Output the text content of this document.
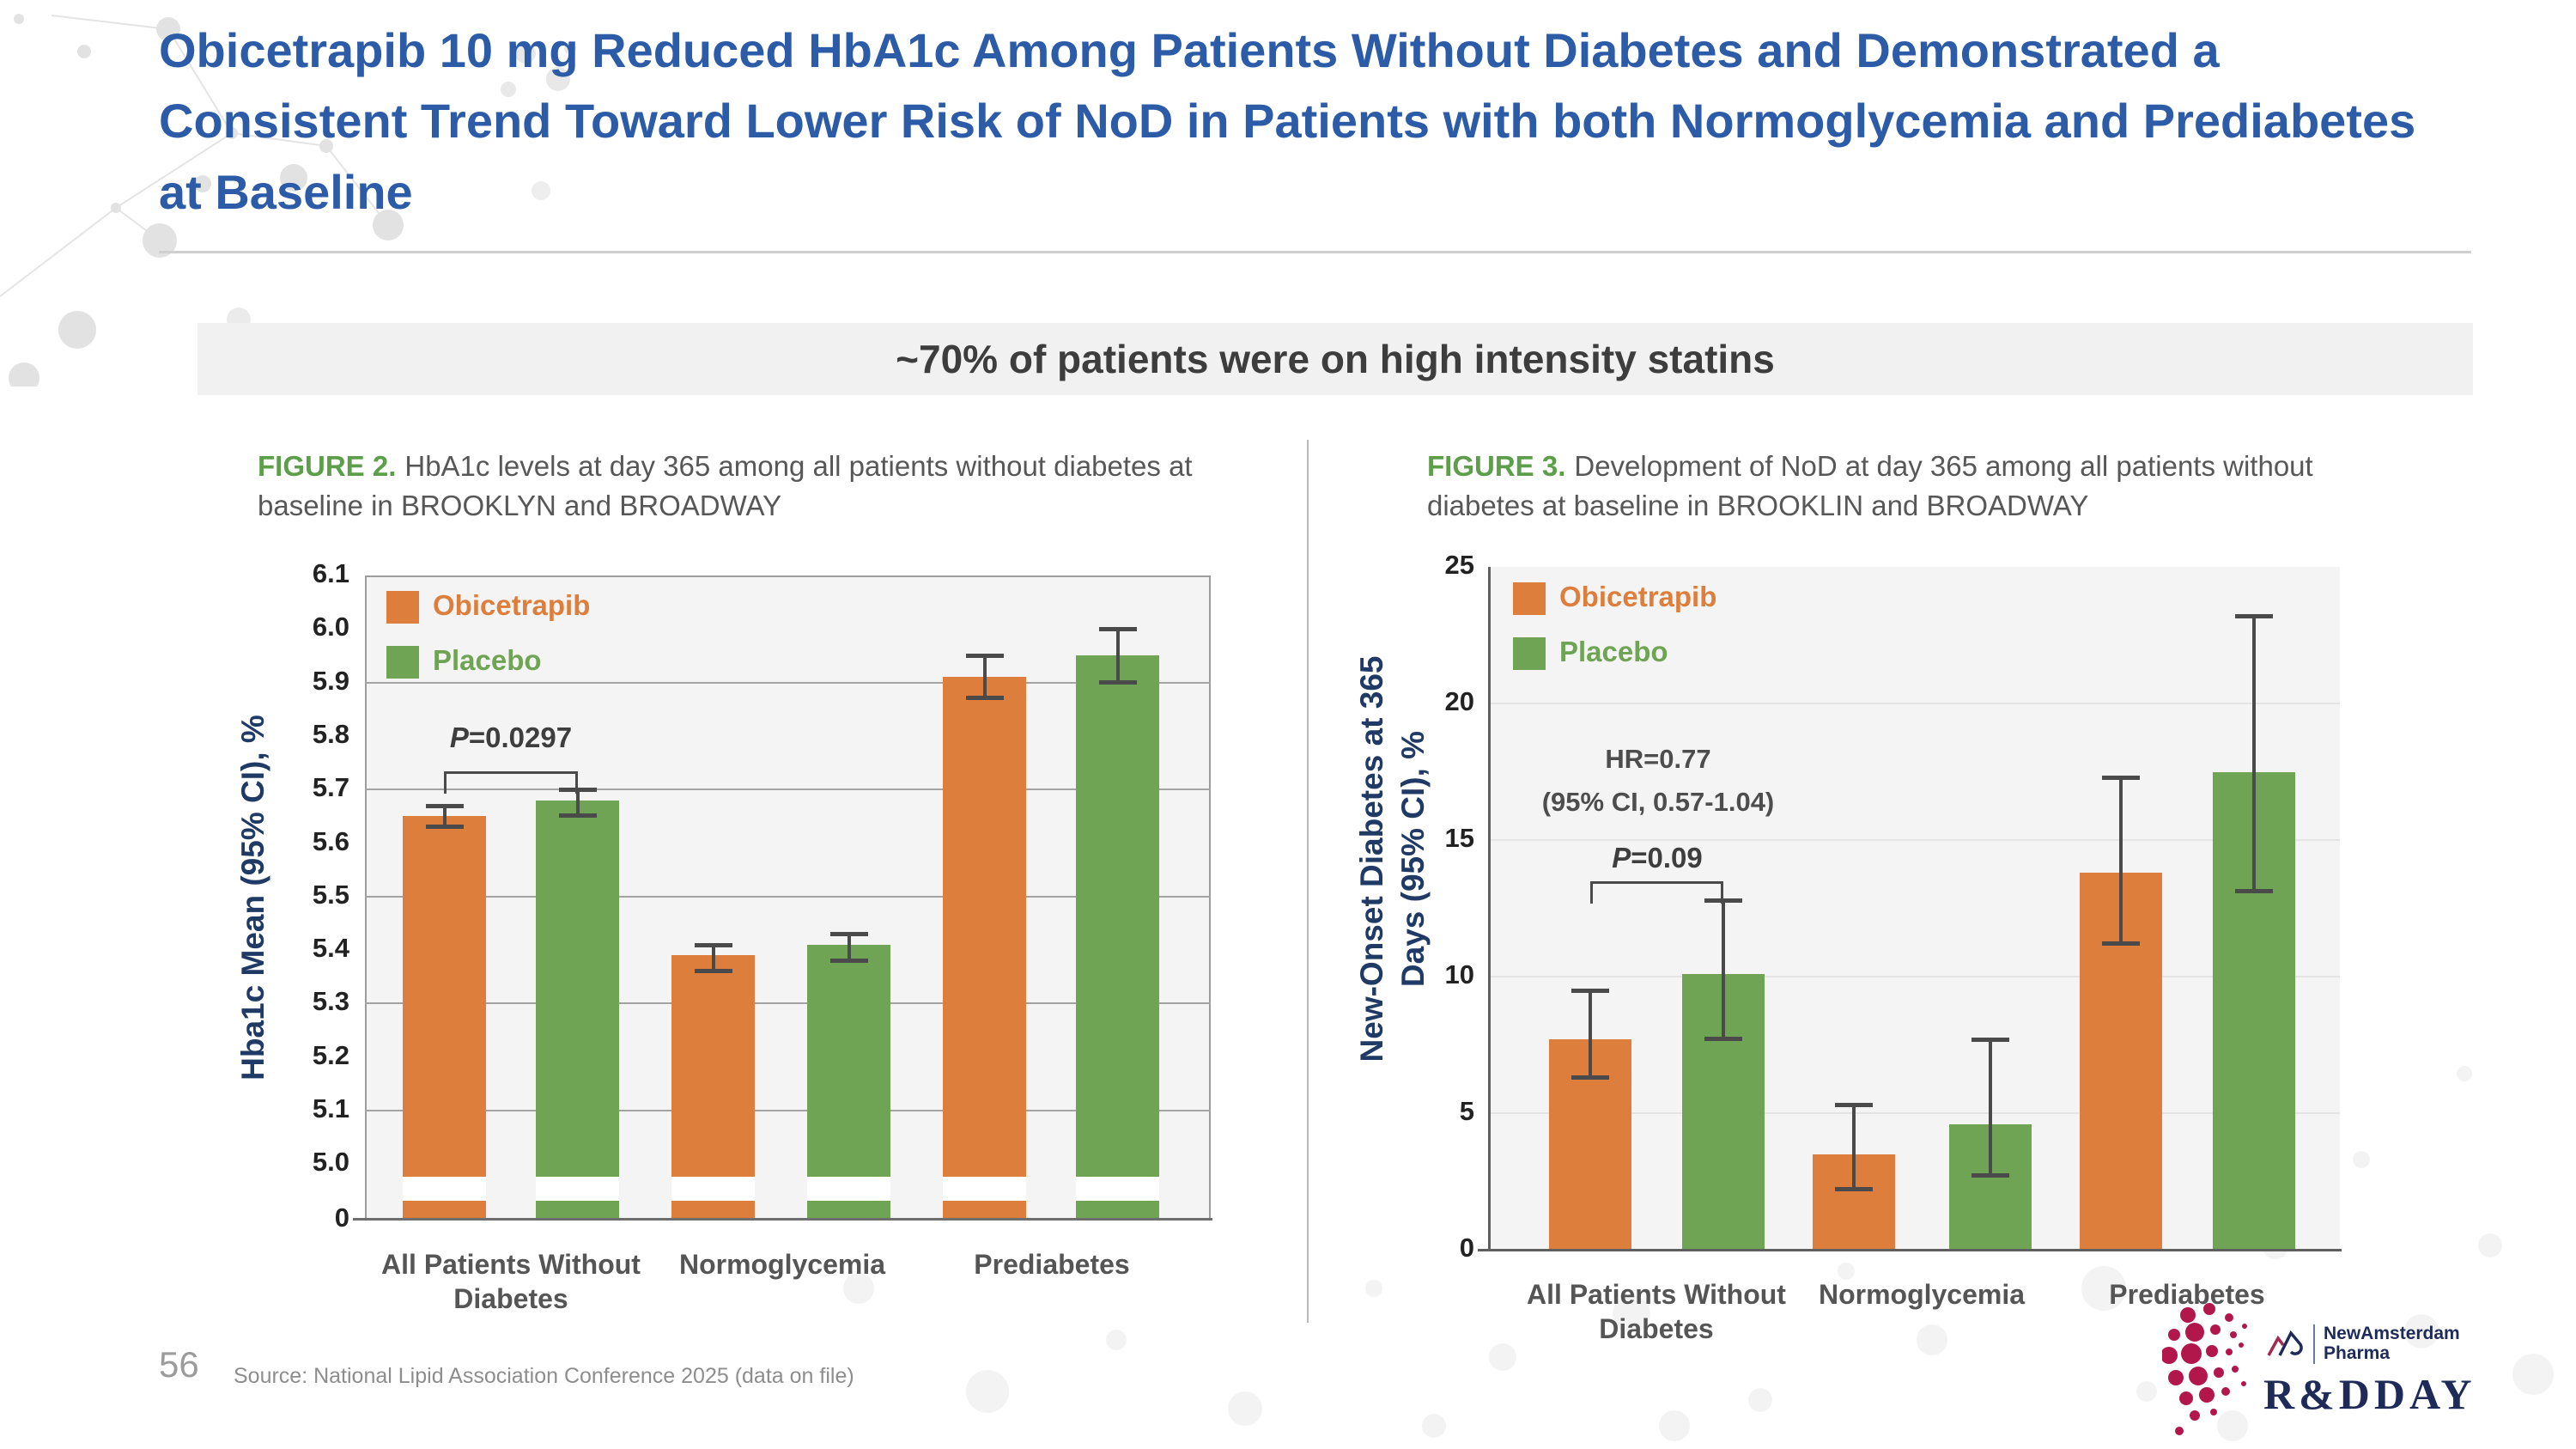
Obicetrapib 10 mg Reduced HbA1c Among Patients Without Diabetes and Demonstrated a Consistent Trend Toward Lower Risk of NoD in Patients with both Normoglycemia and Prediabetes at Baseline
~70% of patients were on high intensity statins
FIGURE 2. HbA1c levels at day 365 among all patients without diabetes at baseline in BROOKLYN and BROADWAY
FIGURE 3. Development of NoD at day 365 among all patients without diabetes at baseline in BROOKLIN and BROADWAY
Hba1c Mean (95% CI), %	New-Onset Diabetes at 365 Days (95% CI), %
56 Source: National Lipid Association Conference 2025 (data on file)
NewAmsterdam
Pharma
R&DDAY
6.1
6.0
5.9
5.8
5.7
5.6
5.5
5.4
5.3
5.2
5.1
5.0
0
All Patients Without Diabetes
Normoglycemia	Prediabetes
Obicetrapib
Placebo
P=0.0297
25
20
15
10
5
0
All Patients Without Diabetes
Normoglycemia	Prediabetes
Obicetrapib
Placebo
HR=0.77
(95% CI, 0.57-1.04)
P=0.09
